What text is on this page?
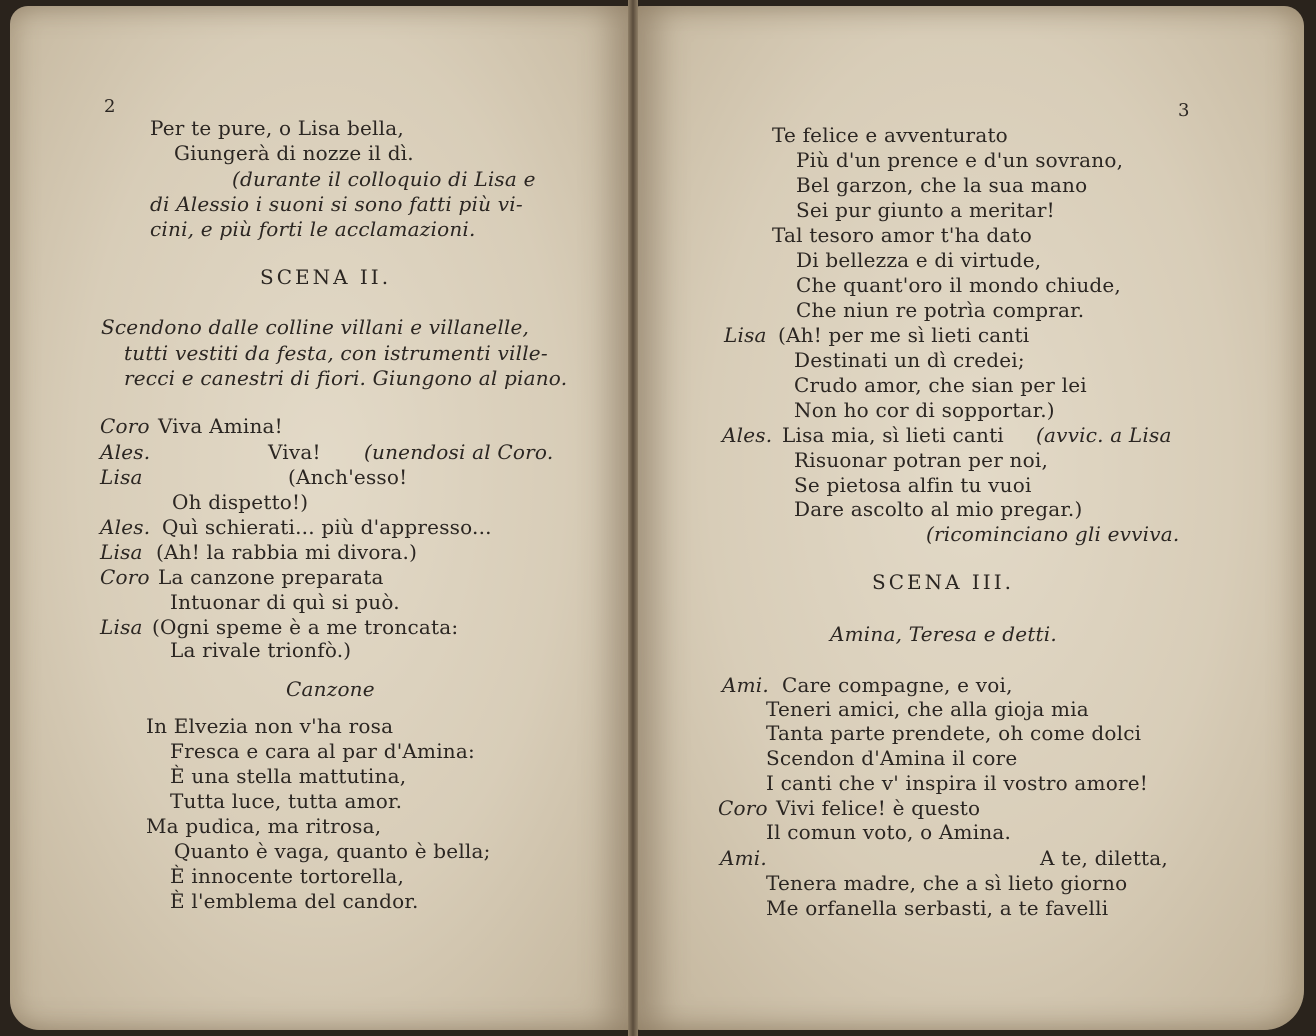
2
Per te pure, o Lisa bella,
Giungerà di nozze il dì.
(durante il colloquio di Lisa e
di Alessio i suoni si sono fatti più vi-
cini, e più forti le acclamazioni.
SCENA II.
Scendono dalle colline villani e villanelle,
tutti vestiti da festa, con istrumenti ville-
recci e canestri di fiori. Giungono al piano.
Coro Viva Amina!
Ales.	Viva! (unendosi al Coro.
Lisa	(Anch'esso!
Oh dispetto!)
Ales. Quì schierati... più d'appresso...
Lisa (Ah! la rabbia mi divora.)
Coro La canzone preparata
Intuonar di quì si può.
Lisa (Ogni speme è a me troncata:
La rivale trionfò.)
Canzone
In Elvezia non v'ha rosa
Fresca e cara al par d'Amina:
È una stella mattutina,
Tutta luce, tutta amor.
Ma pudica, ma ritrosa,
Quanto è vaga, quanto è bella;
È innocente tortorella,
È l'emblema del candor.
3
Te felice e avventurato
Più d'un prence e d'un sovrano,
Bel garzon, che la sua mano
Sei pur giunto a meritar!
Tal tesoro amor t'ha dato
Di bellezza e di virtude,
Che quant'oro il mondo chiude,
Che niun re potrìa comprar.
Lisa (Ah! per me sì lieti canti
Destinati un dì credei;
Crudo amor, che sian per lei
Non ho cor di sopportar.)
Ales. Lisa mia, sì lieti canti (avvic. a Lisa
Risuonar potran per noi,
Se pietosa alfin tu vuoi
Dare ascolto al mio pregar.)
(ricominciano gli evviva.
SCENA III.
Amina, Teresa e detti.
Ami. Care compagne, e voi,
Teneri amici, che alla gioja mia
Tanta parte prendete, oh come dolci
Scendon d'Amina il core
I canti che v' inspira il vostro amore!
Coro Vivi felice! è questo
Il comun voto, o Amina.
Ami.	A te, diletta,
Tenera madre, che a sì lieto giorno
Me orfanella serbasti, a te favelli
